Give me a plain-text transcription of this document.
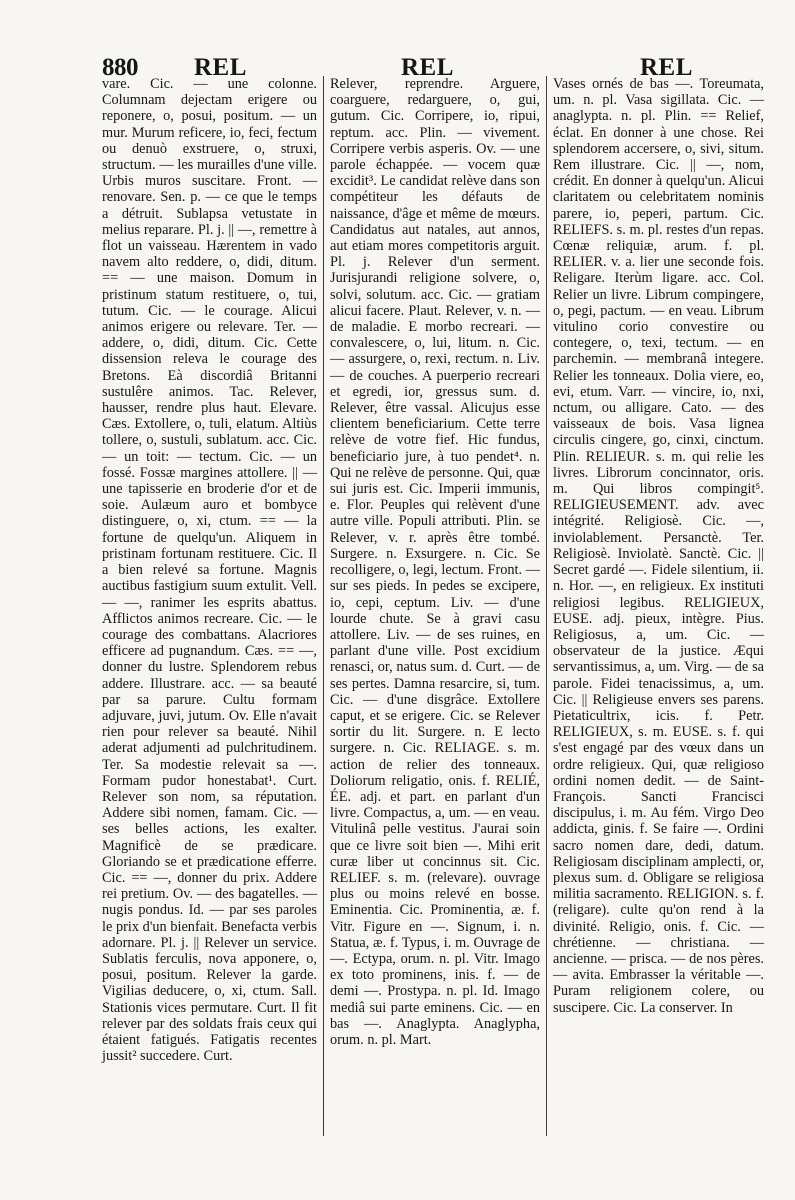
880 REL	REL	REL

vare. Cic. — une colonne. Columnam dejectam erigere ou reponere, o, posui, positum. — un mur. Murum reficere, io, feci, fectum ou denuò exstruere, o, struxi, structum. — les murailles d'une ville. Urbis muros suscitare. Front. — renovare. Sen. p. — ce que le temps a détruit. Sublapsa vetustate in melius reparare. Pl. j. || —, remettre à flot un vaisseau. Hærentem in vado navem alto reddere, o, didi, ditum. == — une maison. Domum in pristinum statum restituere, o, tui, tutum. Cic. — le courage. Alicui animos erigere ou relevare. Ter. — addere, o, didi, ditum. Cic. Cette dissension releva le courage des Bretons. Eà discordiâ Britanni sustulêre animos. Tac. Relever, hausser, rendre plus haut. Elevare. Cæs. Extollere, o, tuli, elatum. Altiùs tollere, o, sustuli, sublatum. acc. Cic. — un toit: — tectum. Cic. — un fossé. Fossæ margines attollere. || — une tapisserie en broderie d'or et de soie. Aulæum auro et bombyce distinguere, o, xi, ctum. == — la fortune de quelqu'un. Aliquem in pristinam fortunam restituere. Cic. Il a bien relevé sa fortune. Magnis auctibus fastigium suum extulit. Vell. — —, ranimer les esprits abattus. Afflictos animos recreare. Cic. — le courage des combattans. Alacriores efficere ad pugnandum. Cæs. == —, donner du lustre. Splendorem rebus addere. Illustrare. acc. — sa beauté par sa parure. Cultu formam adjuvare, juvi, jutum. Ov. Elle n'avait rien pour relever sa beauté. Nihil aderat adjumenti ad pulchritudinem. Ter. Sa modestie relevait sa —. Formam pudor honestabat¹. Curt. Relever son nom, sa réputation. Addere sibi nomen, famam. Cic. — ses belles actions, les exalter. Magnificè de se prædicare. Gloriando se et prædicatione efferre. Cic. == —, donner du prix. Addere rei pretium. Ov. — des bagatelles. — nugis pondus. Id. — par ses paroles le prix d'un bienfait. Benefacta verbis adornare. Pl. j. || Relever un service. Sublatis ferculis, nova apponere, o, posui, positum. Relever la garde. Vigilias deducere, o, xi, ctum. Sall. Stationis vices permutare. Curt. Il fit relever par des soldats frais ceux qui étaient fatigués. Fatigatis recentes jussit² succedere. Curt.

Relever, reprendre. Arguere, coarguere, redarguere, o, gui, gutum. Cic. Corripere, io, ripui, reptum. acc. Plin. — vivement. Corripere verbis asperis. Ov. — une parole échappée. — vocem quæ excidit³. Le candidat relève dans son compétiteur les défauts de naissance, d'âge et même de mœurs. Candidatus aut natales, aut annos, aut etiam mores competitoris arguit. Pl. j. Relever d'un serment. Jurisjurandi religione solvere, o, solvi, solutum. acc. Cic. — gratiam alicui facere. Plaut. Relever, v. n. — de maladie. E morbo recreari. — convalescere, o, lui, litum. n. Cic. — assurgere, o, rexi, rectum. n. Liv. — de couches. A puerperio recreari et egredi, ior, gressus sum. d. Relever, être vassal. Alicujus esse clientem beneficiarium. Cette terre relève de votre fief. Hic fundus, beneficiario jure, à tuo pendet⁴. n. Qui ne relève de personne. Qui, quæ sui juris est. Cic. Imperii immunis, e. Flor. Peuples qui relèvent d'une autre ville. Populi attributi. Plin. se Relever, v. r. après être tombé. Surgere. n. Exsurgere. n. Cic. Se recolligere, o, legi, lectum. Front. — sur ses pieds. In pedes se excipere, io, cepi, ceptum. Liv. — d'une lourde chute. Se à gravi casu attollere. Liv. — de ses ruines, en parlant d'une ville. Post excidium renasci, or, natus sum. d. Curt. — de ses pertes. Damna resarcire, si, tum. Cic. — d'une disgrâce. Extollere caput, et se erigere. Cic. se Relever sortir du lit. Surgere. n. E lecto surgere. n. Cic. RELIAGE. s. m. action de relier des tonneaux. Doliorum religatio, onis. f. RELIÉ, ÉE. adj. et part. en parlant d'un livre. Compactus, a, um. — en veau. Vitulinâ pelle vestitus. J'aurai soin que ce livre soit bien —. Mihi erit curæ liber ut concinnus sit. Cic. RELIEF. s. m. (relevare). ouvrage plus ou moins relevé en bosse. Eminentia. Cic. Prominentia, æ. f. Vitr. Figure en —. Signum, i. n. Statua, æ. f. Typus, i. m. Ouvrage de —. Ectypa, orum. n. pl. Vitr. Imago ex toto prominens, inis. f. — de demi —. Prostypa. n. pl. Id. Imago mediâ sui parte eminens. Cic. — en bas —. Anaglypta. Anaglypha, orum. n. pl. Mart.

Vases ornés de bas —. Toreumata, um. n. pl. Vasa sigillata. Cic. — anaglypta. n. pl. Plin. == Relief, éclat. En donner à une chose. Rei splendorem accersere, o, sivi, situm. Rem illustrare. Cic. || —, nom, crédit. En donner à quelqu'un. Alicui claritatem ou celebritatem nominis parere, io, peperi, partum. Cic. RELIEFS. s. m. pl. restes d'un repas. Cœnæ reliquiæ, arum. f. pl. RELIER. v. a. lier une seconde fois. Religare. Iterùm ligare. acc. Col. Relier un livre. Librum compingere, o, pegi, pactum. — en veau. Librum vitulino corio convestire ou contegere, o, texi, tectum. — en parchemin. — membranâ integere. Relier les tonneaux. Dolia viere, eo, evi, etum. Varr. — vincire, io, nxi, nctum, ou alligare. Cato. — des vaisseaux de bois. Vasa lignea circulis cingere, go, cinxi, cinctum. Plin. RELIEUR. s. m. qui relie les livres. Librorum concinnator, oris. m. Qui libros compingit⁵. RELIGIEUSEMENT. adv. avec intégrité. Religiosè. Cic. —, inviolablement. Persanctè. Ter. Religiosè. Inviolatè. Sanctè. Cic. || Secret gardé —. Fidele silentium, ii. n. Hor. —, en religieux. Ex instituti religiosi legibus. RELIGIEUX, EUSE. adj. pieux, intègre. Pius. Religiosus, a, um. Cic. — observateur de la justice. Æqui servantissimus, a, um. Virg. — de sa parole. Fidei tenacissimus, a, um. Cic. || Religieuse envers ses parens. Pietaticultrix, icis. f. Petr. RELIGIEUX, s. m. EUSE. s. f. qui s'est engagé par des vœux dans un ordre religieux. Qui, quæ religioso ordini nomen dedit. — de Saint-François. Sancti Francisci discipulus, i. m. Au fém. Virgo Deo addicta, ginis. f. Se faire —. Ordini sacro nomen dare, dedi, datum. Religiosam disciplinam amplecti, or, plexus sum. d. Obligare se religiosa militia sacramento. RELIGION. s. f. (religare). culte qu'on rend à la divinité. Religio, onis. f. Cic. — chrétienne. — christiana. — ancienne. — prisca. — de nos pères. — avita. Embrasser la véritable —. Puram religionem colere, ou suscipere. Cic. La conserver. In
